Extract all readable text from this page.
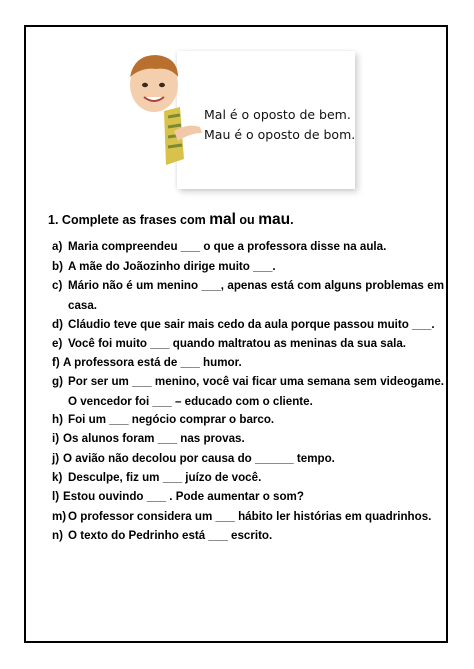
Mal é o oposto de bem.
Mau é o oposto de bom.
1. Complete as frases com mal ou mau.
a) Maria compreendeu ___ o que a professora disse na aula.
b) A mãe do Joãozinho dirige muito ___.
c) Mário não é um menino ___, apenas está com alguns problemas em casa.
d) Cláudio teve que sair mais cedo da aula porque passou muito ___.
e) Você foi muito ___ quando maltratou as meninas da sua sala.
f) A professora está de ___ humor.
g) Por ser um ___ menino, você vai ficar uma semana sem videogame. O vencedor foi ___ – educado com o cliente.
h) Foi um ___ negócio comprar o barco.
i) Os alunos foram ___ nas provas.
j) O avião não decolou por causa do ______ tempo.
k) Desculpe, fiz um ___ juízo de você.
l) Estou ouvindo ___ . Pode aumentar o som?
m) O professor considera um ___ hábito ler histórias em quadrinhos.
n) O texto do Pedrinho está ___ escrito.
